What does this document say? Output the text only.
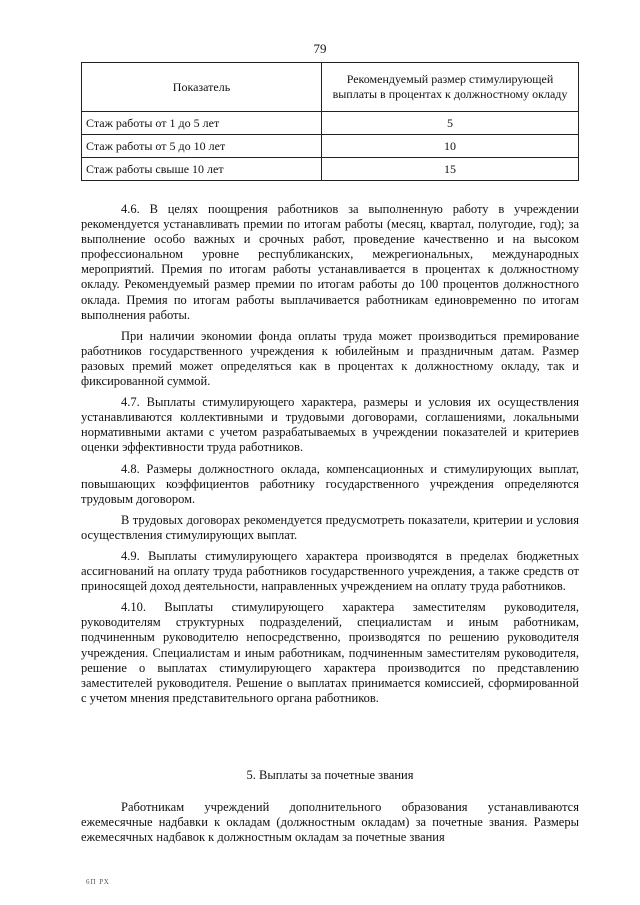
79
Показатель	Рекомендуемый размер стимулирующей выплаты в процентах к должностному окладу
Стаж работы от 1 до 5 лет	5
Стаж работы от 5 до 10 лет	10
Стаж работы свыше 10 лет	15

4.6. В целях поощрения работников за выполненную работу в учреждении рекомендуется устанавливать премии по итогам работы (месяц, квартал, полугодие, год); за выполнение особо важных и срочных работ, проведение качественно и на высоком профессиональном уровне республиканских, межрегиональных, международных мероприятий. Премия по итогам работы устанавливается в процентах к должностному окладу. Рекомендуемый размер премии по итогам работы до 100 процентов должностного оклада. Премия по итогам работы выплачивается работникам единовременно по итогам выполнения работы.

При наличии экономии фонда оплаты труда может производиться премирование работников государственного учреждения к юбилейным и праздничным датам. Размер разовых премий может определяться как в процентах к должностному окладу, так и фиксированной суммой.

4.7. Выплаты стимулирующего характера, размеры и условия их осуществления устанавливаются коллективными и трудовыми договорами, соглашениями, локальными нормативными актами с учетом разрабатываемых в учреждении показателей и критериев оценки эффективности труда работников.

4.8. Размеры должностного оклада, компенсационных и стимулирующих выплат, повышающих коэффициентов работнику государственного учреждения определяются трудовым договором.

В трудовых договорах рекомендуется предусмотреть показатели, критерии и условия осуществления стимулирующих выплат.

4.9. Выплаты стимулирующего характера производятся в пределах бюджетных ассигнований на оплату труда работников государственного учреждения, а также средств от приносящей доход деятельности, направленных учреждением на оплату труда работников.

4.10. Выплаты стимулирующего характера заместителям руководителя, руководителям структурных подразделений, специалистам и иным работникам, подчиненным руководителю непосредственно, производятся по решению руководителя учреждения. Специалистам и иным работникам, подчиненным заместителям руководителя, решение о выплатах стимулирующего характера производится по представлению заместителей руководителя. Решение о выплатах принимается комиссией, сформированной с учетом мнения представительного органа работников.

5. Выплаты за почетные звания

Работникам учреждений дополнительного образования устанавливаются ежемесячные надбавки к окладам (должностным окладам) за почетные звания. Размеры ежемесячных надбавок к должностным окладам за почетные звания

6П РХ
